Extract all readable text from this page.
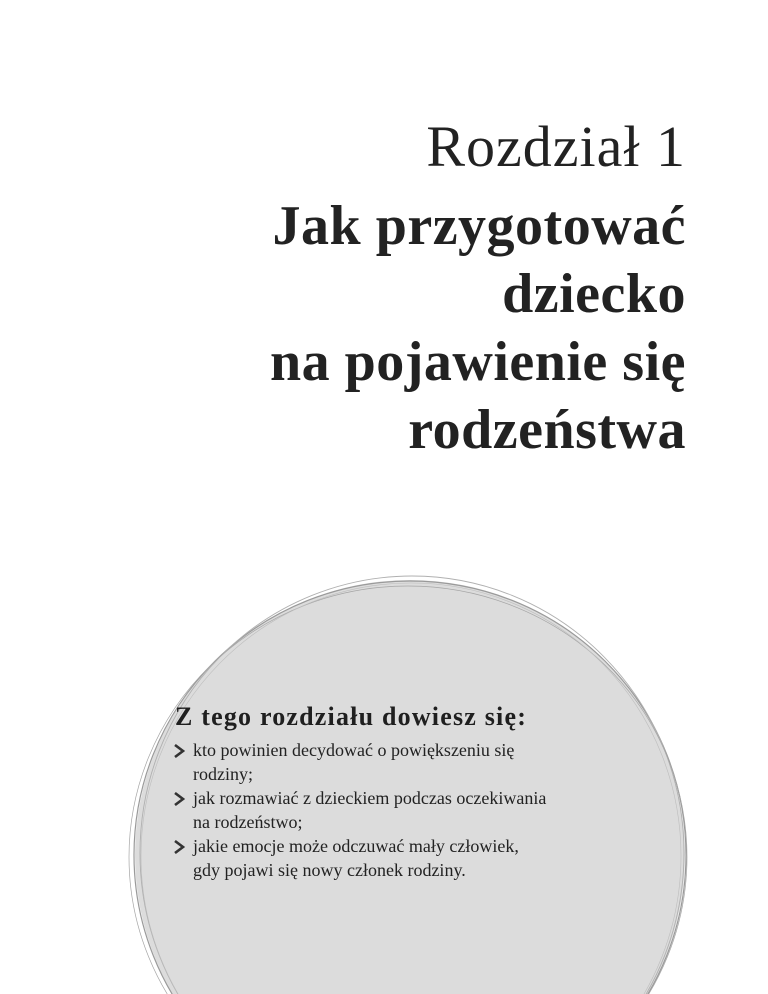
Rozdział 1
Jak przygotować
dziecko
na pojawienie się
rodzeństwa
Z tego rozdziału dowiesz się:
kto powinien decydować o powiększeniu się
rodziny;
jak rozmawiać z dzieckiem podczas oczekiwania
na rodzeństwo;
jakie emocje może odczuwać mały człowiek,
gdy pojawi się nowy członek rodziny.
